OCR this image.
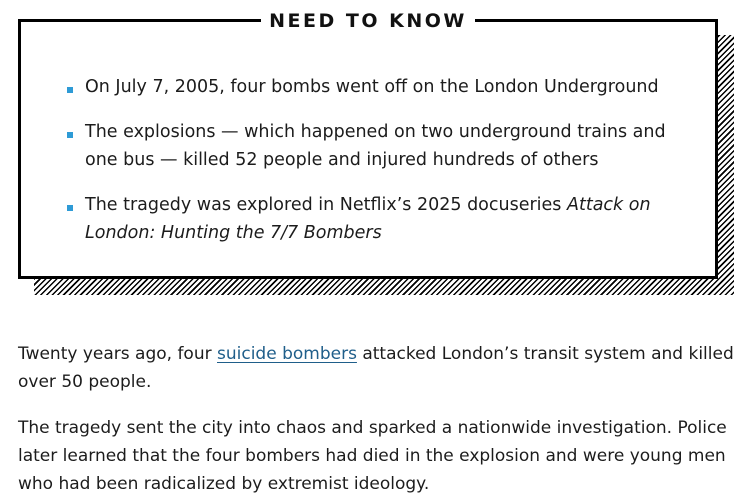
NEED TO KNOW
On July 7, 2005, four bombs went off on the London Underground
The explosions — which happened on two underground trains and one bus — killed 52 people and injured hundreds of others
The tragedy was explored in Netflix’s 2025 docuseries Attack on London: Hunting the 7/7 Bombers

Twenty years ago, four suicide bombers attacked London’s transit system and killed over 50 people.

The tragedy sent the city into chaos and sparked a nationwide investigation. Police later learned that the four bombers had died in the explosion and were young men who had been radicalized by extremist ideology.
